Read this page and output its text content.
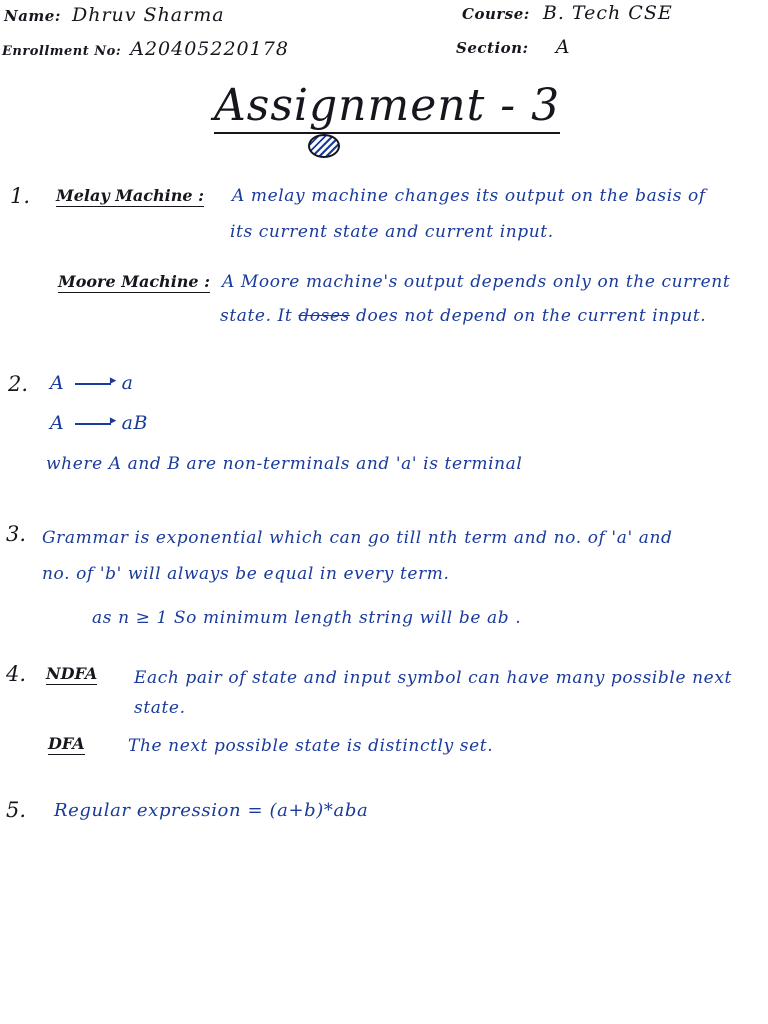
Name: Dhruv Sharma	Course: B. Tech CSE
Enrollment No: A20405220178	Section: A
Assignment - 3
1. Melay Machine : A melay machine changes its output on the basis of
its current state and current input.
Moore Machine : A Moore machine's output depends only on the current
state. It doses does not depend on the current input.
2. A ▸	a
A ▸	aB
where A and B are non-terminals and 'a' is terminal
3. Grammar is exponential which can go till nth term and no. of 'a' and
no. of 'b' will always be equal in every term.
as n ≥ 1 So minimum length string will be ab .
4. NDFA Each pair of state and input symbol can have many possible next
state.
DFA	The next possible state is distinctly set.
5. Regular expression = (a+b)*aba
